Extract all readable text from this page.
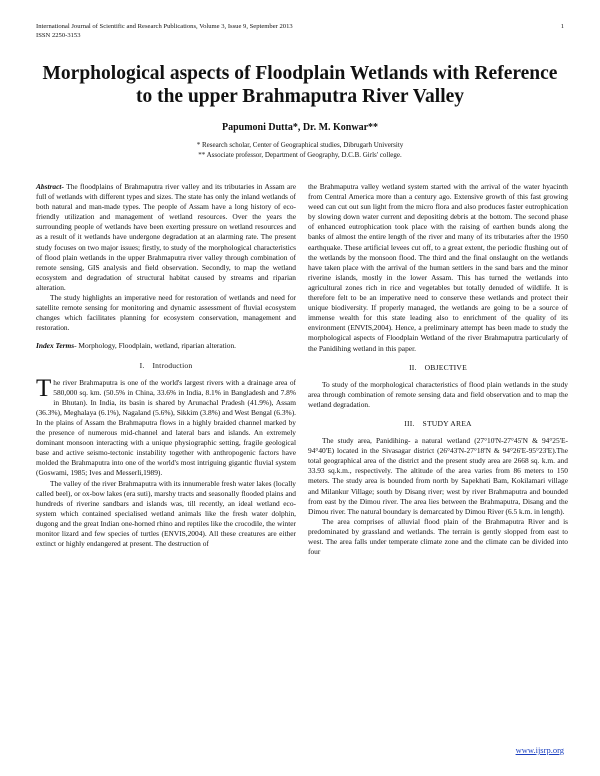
International Journal of Scientific and Research Publications, Volume 3, Issue 9, September 2013
ISSN 2250-3153
1
Morphological aspects of Floodplain Wetlands with Reference to the upper Brahmaputra River Valley
Papumoni Dutta*, Dr. M. Konwar**
* Research scholar, Center of Geographical studies, Dibrugarh University
** Associate professor, Department of Geography, D.C.B. Girls' college.

Abstract- The floodplains of Brahmaputra river valley and its tributaries in Assam are full of wetlands with different types and sizes. The state has only the inland wetlands of both natural and man-made types. The people of Assam have a long history of eco-friendly utilization and management of wetland resources. Over the years the surrounding people of wetlands have been exerting pressure on wetland resources and as a result of it wetlands have undergone degradation at an alarming rate. The present study focuses on two major issues; firstly, to study of the morphological characteristics of flood plain wetlands in the upper Brahmaputra river valley through combination of remote sensing, GIS analysis and field observation. Secondly, to map the wetland ecosystem and degradation of structural habitat caused by streams and riparian alteration.

The study highlights an imperative need for restoration of wetlands and need for satellite remote sensing for monitoring and dynamic assessment of fluvial ecosystem changes which facilitates planning for ecosystem conservation, management and restoration.

Index Terms- Morphology, Floodplain, wetland, riparian alteration.

I. Introduction

The river Brahmaputra is one of the world's largest rivers with a drainage area of 580,000 sq. km. (50.5% in China, 33.6% in India, 8.1% in Bangladesh and 7.8% in Bhutan). In India, its basin is shared by Arunachal Pradesh (41.9%), Assam (36.3%), Meghalaya (6.1%), Nagaland (5.6%), Sikkim (3.8%) and West Bengal (6.3%). In the plains of Assam the Brahmaputra flows in a highly braided channel marked by the presence of numerous mid-channel and lateral bars and islands. An extremely dominant monsoon interacting with a unique physiographic setting, fragile geological base and active seismo-tectonic instability together with anthropogenic factors have molded the Brahmaputra into one of the world's most intriguing gigantic fluvial system (Goswami, 1985; Ives and Messerli,1989).

The valley of the river Brahmaputra with its innumerable fresh water lakes (locally called beel), or ox-bow lakes (era suti), marshy tracts and seasonally flooded plains and hundreds of riverine sandbars and islands was, till recently, an ideal wetland eco-system which contained specialised wetland animals like the fresh water dolphin, dugong and the great Indian one-horned rhino and reptiles like the crocodile, the winter monitor lizard and few species of turtles (ENVIS,2004). All these creatures are either extinct or highly endangered at present. The destruction of

the Brahmaputra valley wetland system started with the arrival of the water hyacinth from Central America more than a century ago. Extensive growth of this fast growing weed can cut out sun light from the micro flora and also produces faster eutrophication by slowing down water current and depositing debris at the bottom. The second phase of enhanced eutrophication took place with the raising of earthen bunds along the banks of almost the entire length of the river and many of its tributaries after the 1950 earthquake. These artificial levees cut off, to a great extent, the periodic flushing out of the wetlands by the monsoon flood. The third and the final onslaught on the wetlands have taken place with the arrival of the human settlers in the sand bars and the minor riverine islands, mostly in the lower Assam. This has turned the wetlands into agricultural zones rich in rice and vegetables but totally denuded of wildlife. It is therefore felt to be an imperative need to conserve these wetlands and protect their unique biodiversity. If properly managed, the wetlands are going to be a source of immense wealth for this state leading also to enrichment of the quality of its environment (ENVIS,2004). Hence, a preliminary attempt has been made to study the morphological aspects of Floodplain Wetland of the river Brahmaputra particularly of the Panidihing wetland in this paper.

II. OBJECTIVE

To study of the morphological characteristics of flood plain wetlands in the study area through combination of remote sensing data and field observation and to map the wetland degradation.

III. STUDY AREA

The study area, Panidihing- a natural wetland (27°10'N-27°45'N & 94°25'E-94°40'E) located in the Sivasagar district (26°43'N-27°18'N & 94°26'E-95°23'E).The total geographical area of the district and the present study area are 2668 sq. k.m. and 33.93 sq.k.m., respectively. The altitude of the area varies from 86 meters to 150 meters. The study area is bounded from north by Sapekhati Bam, Kokilamari village and Milankur Village; south by Disang river; west by river Brahmaputra and bounded from east by the Dimou river. The area lies between the Brahmaputra, Disang and the Dimou river. The natural boundary is demarcated by Dimou River (6.5 k.m. in length).

The area comprises of alluvial flood plain of the Brahmaputra River and is predominated by grassland and wetlands. The terrain is gently slopped from east to west. The area falls under temperate climate zone and the climate can be divided into four

www.ijsrp.org
